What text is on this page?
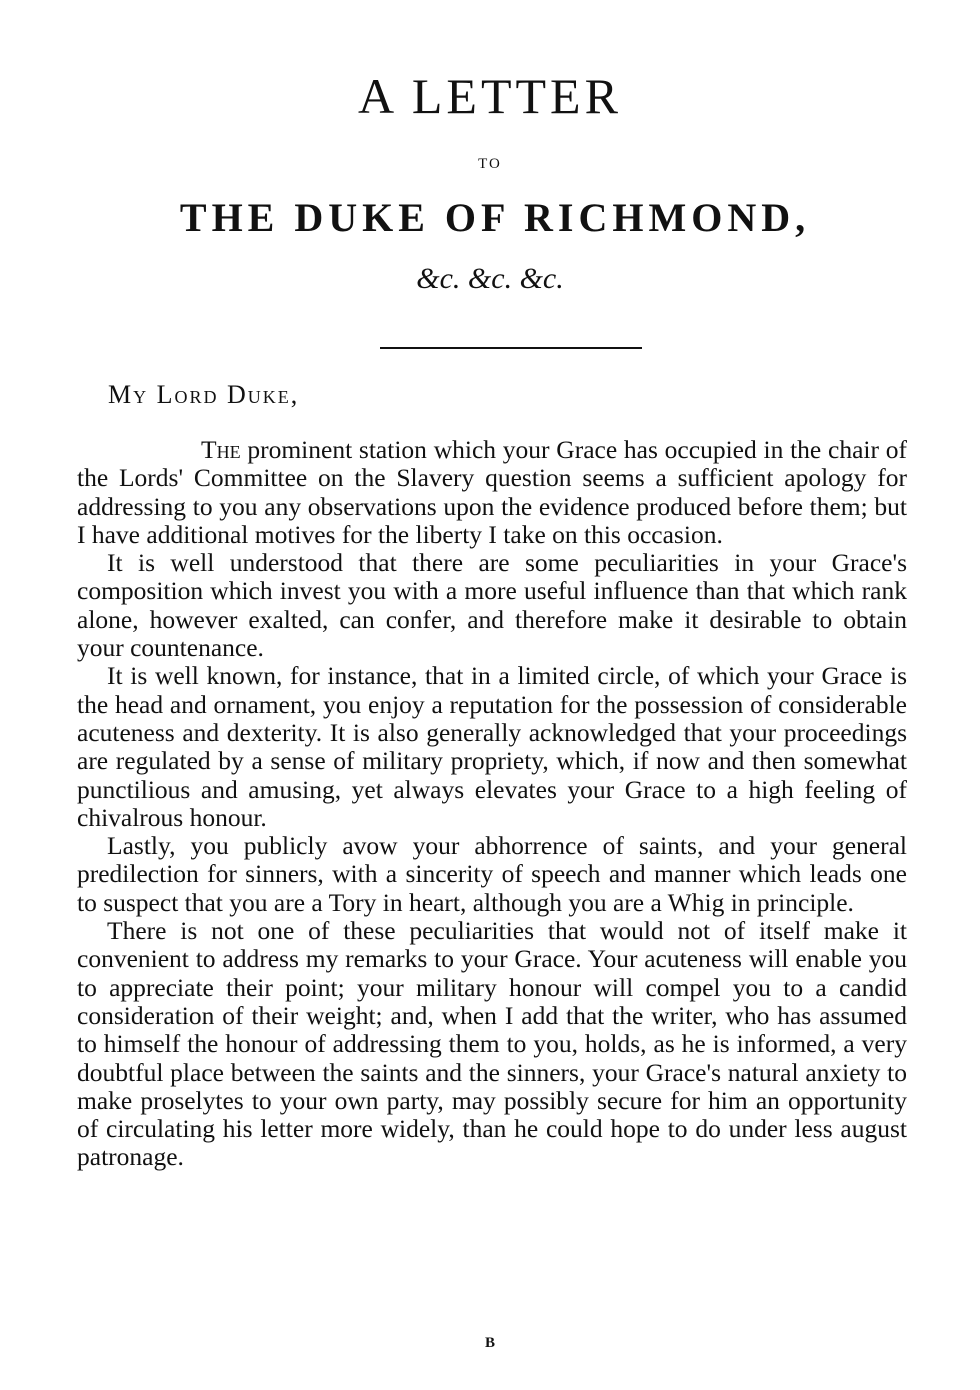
A LETTER
TO
THE DUKE OF RICHMOND,
&c. &c. &c.
My Lord Duke,

The prominent station which your Grace has occupied in the chair of the Lords' Committee on the Slavery question seems a sufficient apology for addressing to you any observations upon the evidence produced before them; but I have additional motives for the liberty I take on this occasion.

It is well understood that there are some peculiarities in your Grace's composition which invest you with a more useful influence than that which rank alone, however exalted, can confer, and therefore make it desirable to obtain your countenance.

It is well known, for instance, that in a limited circle, of which your Grace is the head and ornament, you enjoy a reputation for the possession of considerable acuteness and dexterity. It is also generally acknowledged that your proceedings are regulated by a sense of military propriety, which, if now and then somewhat punctilious and amusing, yet always elevates your Grace to a high feeling of chivalrous honour.

Lastly, you publicly avow your abhorrence of saints, and your general predilection for sinners, with a sincerity of speech and manner which leads one to suspect that you are a Tory in heart, although you are a Whig in principle.

There is not one of these peculiarities that would not of itself make it convenient to address my remarks to your Grace. Your acuteness will enable you to appreciate their point; your military honour will compel you to a candid consideration of their weight; and, when I add that the writer, who has assumed to himself the honour of addressing them to you, holds, as he is informed, a very doubtful place between the saints and the sinners, your Grace's natural anxiety to make proselytes to your own party, may possibly secure for him an opportunity of circulating his letter more widely, than he could hope to do under less august patronage.

B
